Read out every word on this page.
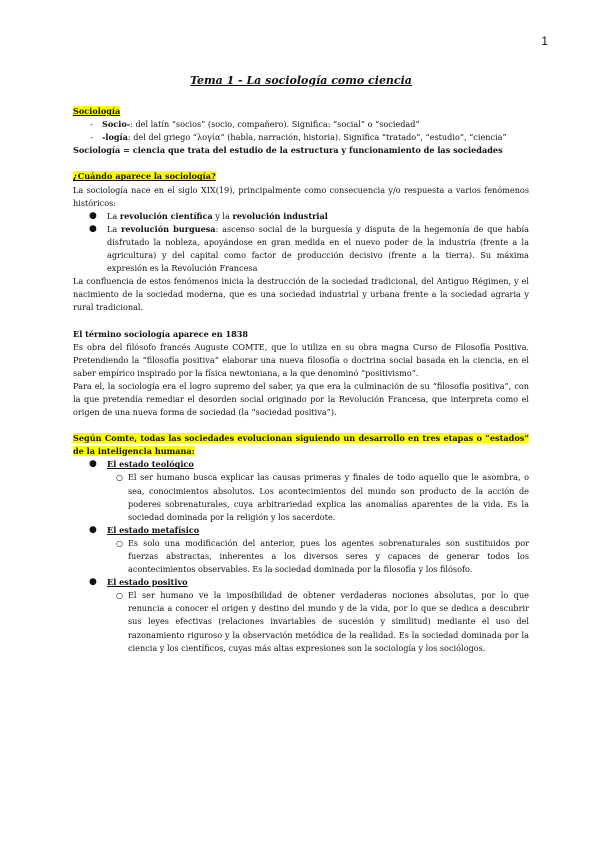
1
Tema 1 - La sociología como ciencia

Sociología

- Socio-: del latín “socios” (socio, compañero). Significa: “social” o “sociedad”
- -logía: del del griego “λογία” (habla, narración, historia). Significa “tratado”, “estudio”, “ciencia”

Sociología = ciencia que trata del estudio de la estructura y funcionamiento de las sociedades

¿Cuándo aparece la sociología?

La sociología nace en el siglo XIX(19), principalmente como consecuencia y/o respuesta a varios fenómenos históricos:

● La revolución científica y la revolución industrial
● La revolución burguesa: ascenso social de la burguesía y disputa de la hegemonía de que había disfrutado la nobleza, apoyándose en gran medida en el nuevo poder de la industria (frente a la agricultura) y del capital como factor de producción decisivo (frente a la tierra). Su máxima expresión es la Revolución Francesa

La confluencia de estos fenómenos inicia la destrucción de la sociedad tradicional, del Antiguo Régimen, y el nacimiento de la sociedad moderna, que es una sociedad industrial y urbana frente a la sociedad agraria y rural tradicional.

El término sociología aparece en 1838

Es obra del filósofo francés Auguste COMTE, que lo utiliza en su obra magna Curso de Filosofía Positiva. Pretendiendo la “filosofía positiva” elaborar una nueva filosofía o doctrina social basada en la ciencia, en el saber empírico inspirado por la física newtoniana, a la que denominó “positivismo”.

Para el, la sociología era el logro supremo del saber, ya que era la culminación de su “filosofía positiva”, con la que pretendía remediar el desorden social originado por la Revolución Francesa, que interpreta como el origen de una nueva forma de sociedad (la “sociedad positiva”).

Según Comte, todas las sociedades evolucionan siguiendo un desarrollo en tres etapas o “estados” de la inteligencia humana:

● El estado teológico
○ El ser humano busca explicar las causas primeras y finales de todo aquello que le asombra, o sea, conocimientos absolutos. Los acontecimientos del mundo son producto de la acción de poderes sobrenaturales, cuya arbitrariedad explica las anomalías aparentes de la vida. Es la sociedad dominada por la religión y los sacerdote.
● El estado metafísico
○ Es solo una modificación del anterior, pues los agentes sobrenaturales son sustituidos por fuerzas abstractas, inherentes a los diversos seres y capaces de generar todos los acontecimientos observables. Es la sociedad dominada por la filosofía y los filósofo.
● El estado positivo
○ El ser humano ve la imposibilidad de obtener verdaderas nociones absolutas, por lo que renuncia a conocer el origen y destino del mundo y de la vida, por lo que se dedica a descubrir sus leyes efectivas (relaciones invariables de sucesión y similitud) mediante el uso del razonamiento riguroso y la observación metódica de la realidad. Es la sociedad dominada por la ciencia y los científicos, cuyas más altas expresiones son la sociología y los sociólogos.
